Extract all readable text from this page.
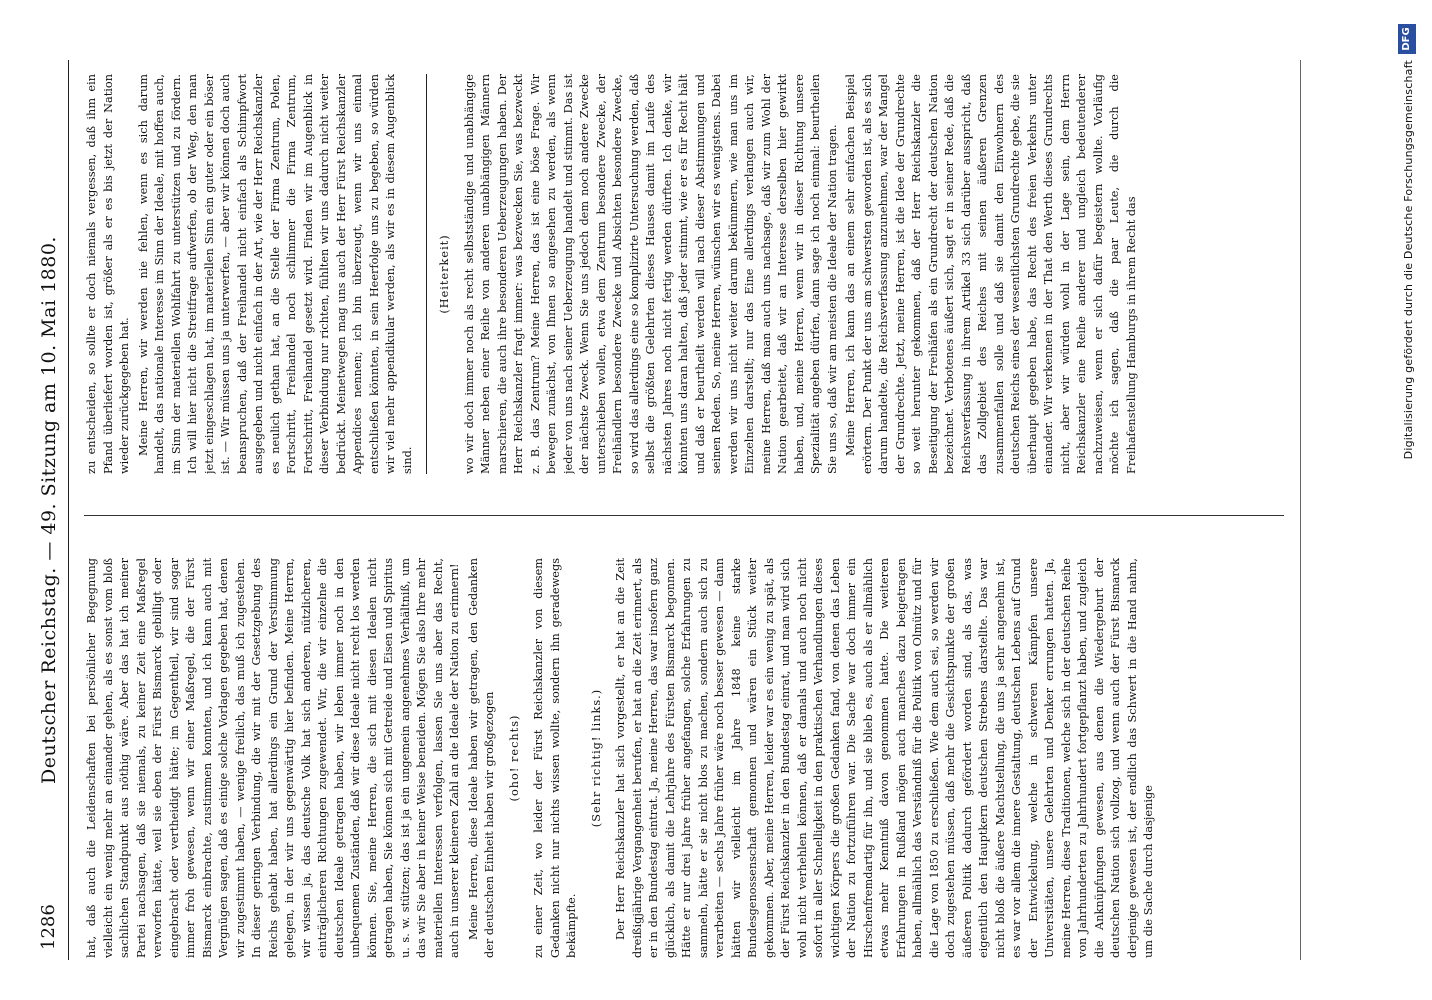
1286
Deutscher Reichstag. — 49. Sitzung am 10. Mai 1880. hat, daß auch die Leidenschaften bei persönlicher Begegnung vielleicht ein wenig mehr an einander gehen, als es sonst vom bloß sachlichen Standpunkt aus nöthig wäre. Aber das hat ich meiner Partei nachsagen, daß sie niemals, zu keiner Zeit eine Maßregel verworfen hätte, weil sie eben der Fürst Bismarck gebilligt oder eingebracht oder vertheidigt hätte; im Gegentheil, wir sind sogar immer froh gewesen, wenn wir einer Maßregel, die der Fürst Bismarck einbrachte, zustimmen konnten, und ich kann auch mit Vergnügen sagen, daß es einige solche Vorlagen gegeben hat, denen wir zugestimmt haben, — wenige freilich, das muß ich zugestehen. In dieser geringen Verbindung, die wir mit der Gesetzgebung des Reichs gehabt haben, hat allerdings ein Grund der Verstimmung gelegen, in der wir uns gegenwärtig hier befinden. Meine Herren, wir wissen ja, das deutsche Volk hat sich anderen, nützlicheren, einträglicheren Richtungen zugewendet. Wir, die wir einzelne die deutschen Ideale getragen haben, wir leben immer noch in den unbequemen Zuständen, daß wir diese Ideale nicht recht los werden können. Sie, meine Herren, die sich mit diesen Idealen nicht getragen haben, Sie können sich mit Getreide und Eisen und Spiritus u. s. w. stützen; das ist ja ein ungemein angenehmes Verhältniß, um das wir Sie aber in keiner Weise beneiden. Mögen Sie also Ihre mehr materiellen Interessen verfolgen, lassen Sie uns aber das Recht, auch in unserer kleineren Zahl an die Ideale der Nation zu erinnern! Meine Herren, diese Ideale haben wir getragen, den Gedanken der deutschen Einheit haben wir großgezogen (oho! rechts) zu einer Zeit, wo leider der Fürst Reichskanzler von diesem Gedanken nicht nur nichts wissen wollte, sondern ihn geradewegs bekämpfte.

(Sehr richtig! links.) Der Herr Reichskanzler hat sich vorgestellt, er hat an die Zeit dreißigjährige Vergangenheit berufen, er hat an die Zeit erinnert, als er in den Bundestag eintrat. Ja, meine Herren, das war insofern ganz glücklich, als damit die Lehrjahre des Fürsten Bismarck begonnen. Hätte er nur drei Jahre früher angefangen, solche Erfahrungen zu sammeln, hätte er sie nicht blos zu machen, sondern auch sich zu verarbeiten — sechs Jahre früher wäre noch besser gewesen — dann hätten wir vielleicht im Jahre 1848 keine starke Bundesgenossenschaft gemonnen und wären ein Stück weiter gekommen. Aber, meine Herren, leider war es ein wenig zu spät, als der Fürst Reichskanzler in den Bundestag einrat, und man wird sich wohl nicht verhehlen können, daß er damals und auch noch nicht sofort in aller Schnelligkeit in den praktischen Verhandlungen dieses wichtigen Körpers die großen Gedanken fand, von denen das Leben der Nation zu fortzuführen war. Die Sache war doch immer ein Hirschenfremdartig für ihn, und sie blieb es, auch als er allmählich etwas mehr Kenntniß davon genommen hatte. Die weiteren Erfahrungen in Rußland mögen auch manches dazu beigetragen haben, allmählich das Verständniß für die Politik von Olmütz und für die Lage von 1850 zu erschließen. Wie dem auch sei, so werden wir doch zugestehen müssen, daß mehr die Gesichtspunkte der großen äußeren Politik dadurch gefördert worden sind, als das, was eigentlich den Hauptkern deutschen Strebens darstellte. Das war nicht bloß die äußere Machtstellung, die uns ja sehr angenehm ist, es war vor allem die innere Gestaltung, deutschen Lebens auf Grund der Entwickelung, welche in schweren Kämpfen unsere Universitäten, unsere Gelehrten und Denker errungen hatten. Ja, meine Herren, diese Traditionen, welche sich in der deutschen Reihe von Jahrhunderten zu Jahrhundert fortgepflanzt haben, und zugleich die Anknüpfungen gewesen, aus denen die Wiedergeburt der deutschen Nation sich vollzog, und wenn auch der Fürst Bismarck derjenige gewesen ist, der endlich das Schwert in die Hand nahm, um die Sache durch dasjenige

zu entscheiden, so sollte er doch niemals vergessen, daß ihm ein Pfand überliefert worden ist, größer als er es bis jetzt der Nation wieder zurückgegeben hat. Meine Herren, wir werden nie fehlen, wenn es sich darum handelt, das nationale Interesse im Sinn der Ideale, mit hoffen auch, im Sinn der materiellen Wohlfahrt zu unterstützen und zu fördern. Ich will hier nicht die Streitfrage aufwerfen, ob der Weg, den man jetzt eingeschlagen hat, im materiellen Sinn ein guter oder ein böser ist. — Wir müssen uns ja unterwerfen, — aber wir können doch auch beanspruchen, daß der Freihandel nicht einfach als Schimpfwort ausgegeben und nicht einfach in der Art, wie der Herr Reichskanzler es neulich gethan hat, an die Stelle der Firma Zentrum, Polen, Fortschritt, Freihandel noch schlimmer die Firma Zentrum, Fortschritt, Freihandel gesetzt wird. Finden wir im Augenblick in dieser Verbindung nur richten, fühlten wir uns dadurch nicht weiter bedrückt. Meinetwegen mag uns auch der Herr Fürst Reichskanzler Appendices nennen; ich bin überzeugt, wenn wir uns einmal entschließen könnten, in sein Heerfolge uns zu begeben, so würden wir viel mehr appendikular werden, als wir es in diesem Augenblick sind.

(Heiterkeit) wo wir doch immer noch als recht selbstständige und unabhängige Männer neben einer Reihe von anderen unabhängigen Männern marschieren, die auch ihre besonderen Ueberzeugungen haben. Der Herr Reichskanzler fragt immer: was bezwecken Sie, was bezweckt z. B. das Zentrum? Meine Herren, das ist eine böse Frage. Wir bewegen zunächst, von Ihnen so angesehen zu werden, als wenn jeder von uns nach seiner Ueberzeugung handelt und stimmt. Das ist der nächste Zweck. Wenn Sie uns jedoch dem noch andere Zwecke unterschieben wollen, etwa dem Zentrum besondere Zwecke, der Freihändlern besondere Zwecke und Absichten besondere Zwecke, so wird das allerdings eine so komplizirte Untersuchung werden, daß selbst die größten Gelehrten dieses Hauses damit im Laufe des nächsten Jahres noch nicht fertig werden dürften. Ich denke, wir könnten uns daran halten, daß jeder stimmt, wie er es für Recht hält und daß er beurtheilt werden will nach dieser Abstimmungen und seinen Reden. So, meine Herren, wünschen wir es wenigstens. Dabei werden wir uns nicht weiter darum bekümmern, wie man uns im Einzelnen darstellt; nur das Eine allerdings verlangen auch wir, meine Herren, daß man auch uns nachsage, daß wir zum Wohl der Nation gearbeitet, daß wir an Interesse derselben hier gewirkt haben, und, meine Herren, wenn wir in dieser Richtung unsere Spezialität angeben dürfen, dann sage ich noch einmal: beurtheilen Sie uns so, daß wir am meisten die Ideale der Nation tragen. Meine Herren, ich kann das an einem sehr einfachen Beispiel erörtern. Der Punkt der uns am schwersten geworden ist, als es sich darum handelte, die Reichsverfassung anzunehmen, war der Mangel der Grundrechte. Jetzt, meine Herren, ist die Idee der Grundrechte so weit herunter gekommen, daß der Herr Reichskanzler die Beseitigung der Freihäfen als ein Grundrecht der deutschen Nation bezeichnet. Verbotenes äußert sich, sagt er in seiner Rede, daß die Reichsverfassung in ihrem Artikel 33 sich darüber ausspricht, daß das Zollgebiet des Reiches mit seinen äußeren Grenzen zusammenfallen solle und daß sie damit den Einwohnern des deutschen Reichs eines der wesentlichsten Grundrechte gebe, die sie überhaupt gegeben habe, das Recht des freien Verkehrs unter einander. Wir verkennen in der That den Werth dieses Grundrechts nicht, aber wir würden wohl in der Lage sein, dem Herrn Reichskanzler eine Reihe anderer und ungleich bedeutenderer nachzuweisen, wenn er sich dafür begeistern wollte. Vorläufig möchte ich sagen, daß die paar Leute, die durch die Freihafenstellung Hamburgs in ihrem Recht das	Digitalisierung gefördert durch die Deutsche Forschungsgemeinschaft
DFG
